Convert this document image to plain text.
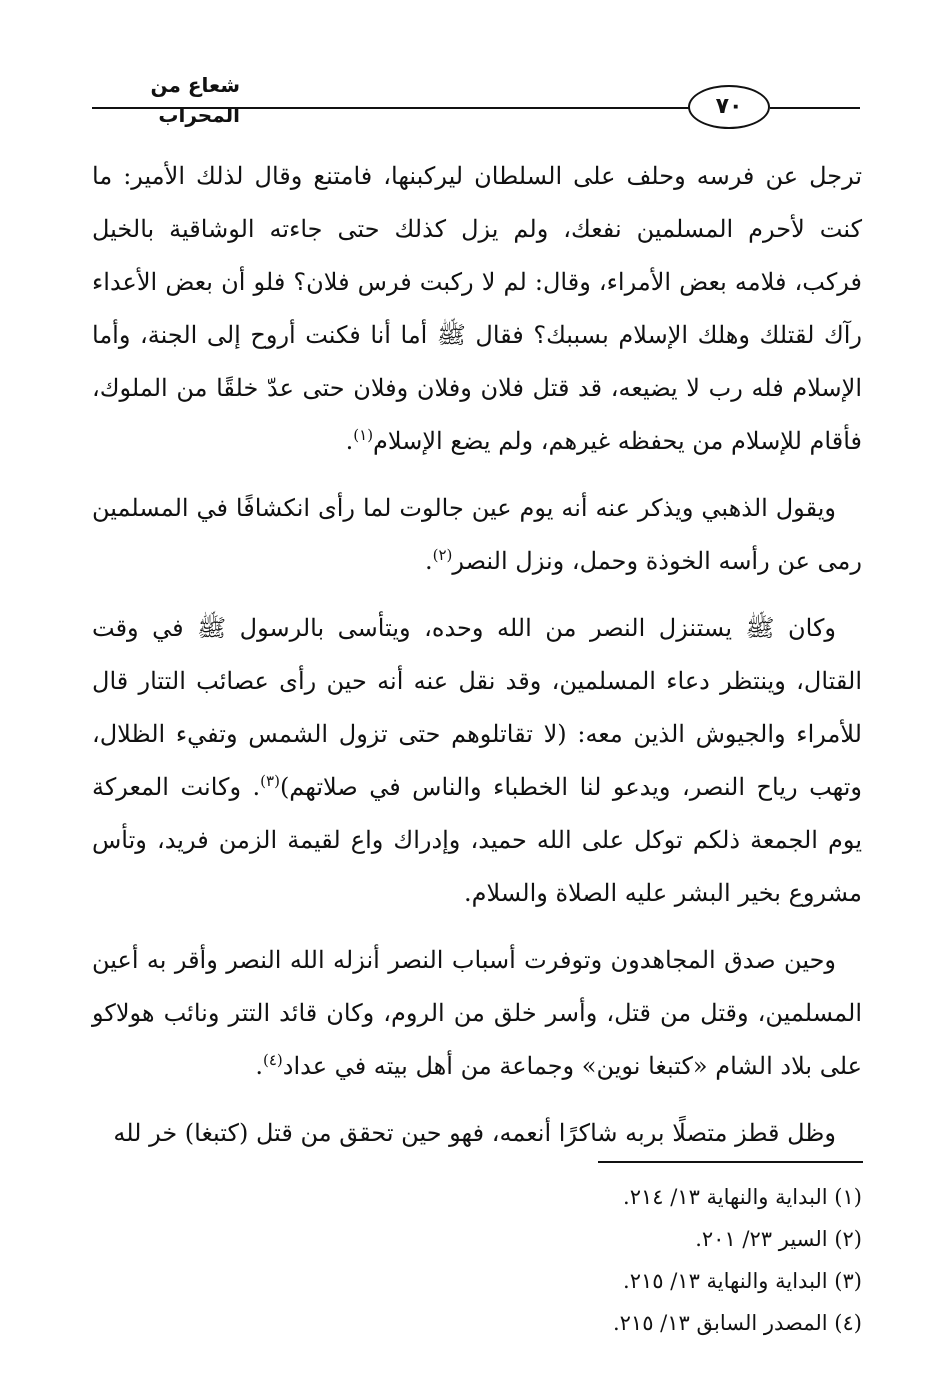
شعاع من المحراب	٧٠

ترجل عن فرسه وحلف على السلطان ليركبنها، فامتنع وقال لذلك الأمير: ما كنت لأحرم المسلمين نفعك، ولم يزل كذلك حتى جاءته الوشاقية بالخيل فركب، فلامه بعض الأمراء، وقال: لم لا ركبت فرس فلان؟ فلو أن بعض الأعداء رآك لقتلك وهلك الإسلام بسببك؟ فقال ﷺ أما أنا فكنت أروح إلى الجنة، وأما الإسلام فله رب لا يضيعه، قد قتل فلان وفلان وفلان حتى عدّ خلقًا من الملوك، فأقام للإسلام من يحفظه غيرهم، ولم يضع الإسلام$^{(١)}$.

ويقول الذهبي ويذكر عنه أنه يوم عين جالوت لما رأى انكشافًا في المسلمين رمى عن رأسه الخوذة وحمل، ونزل النصر$^{(٢)}$.

وكان ﷺ يستنزل النصر من الله وحده، ويتأسى بالرسول ﷺ في وقت القتال، وينتظر دعاء المسلمين، وقد نقل عنه أنه حين رأى عصائب التتار قال للأمراء والجيوش الذين معه: (لا تقاتلوهم حتى تزول الشمس وتفيء الظلال، وتهب رياح النصر، ويدعو لنا الخطباء والناس في صلاتهم)$^{(٣)}$. وكانت المعركة يوم الجمعة ذلكم توكل على الله حميد، وإدراك واع لقيمة الزمن فريد، وتأس مشروع بخير البشر عليه الصلاة والسلام.

وحين صدق المجاهدون وتوفرت أسباب النصر أنزله الله النصر وأقر به أعين المسلمين، وقتل من قتل، وأسر خلق من الروم، وكان قائد التتر ونائب هولاكو على بلاد الشام «كتبغا نوين» وجماعة من أهل بيته في عداد$^{(٤)}$.

وظل قطز متصلًا بربه شاكرًا أنعمه، فهو حين تحقق من قتل (كتبغا) خر لله

(١) البداية والنهاية ١٣/ ٢١٤.

(٢) السير ٢٣/ ٢٠١.

(٣) البداية والنهاية ١٣/ ٢١٥.

(٤) المصدر السابق ١٣/ ٢١٥.
